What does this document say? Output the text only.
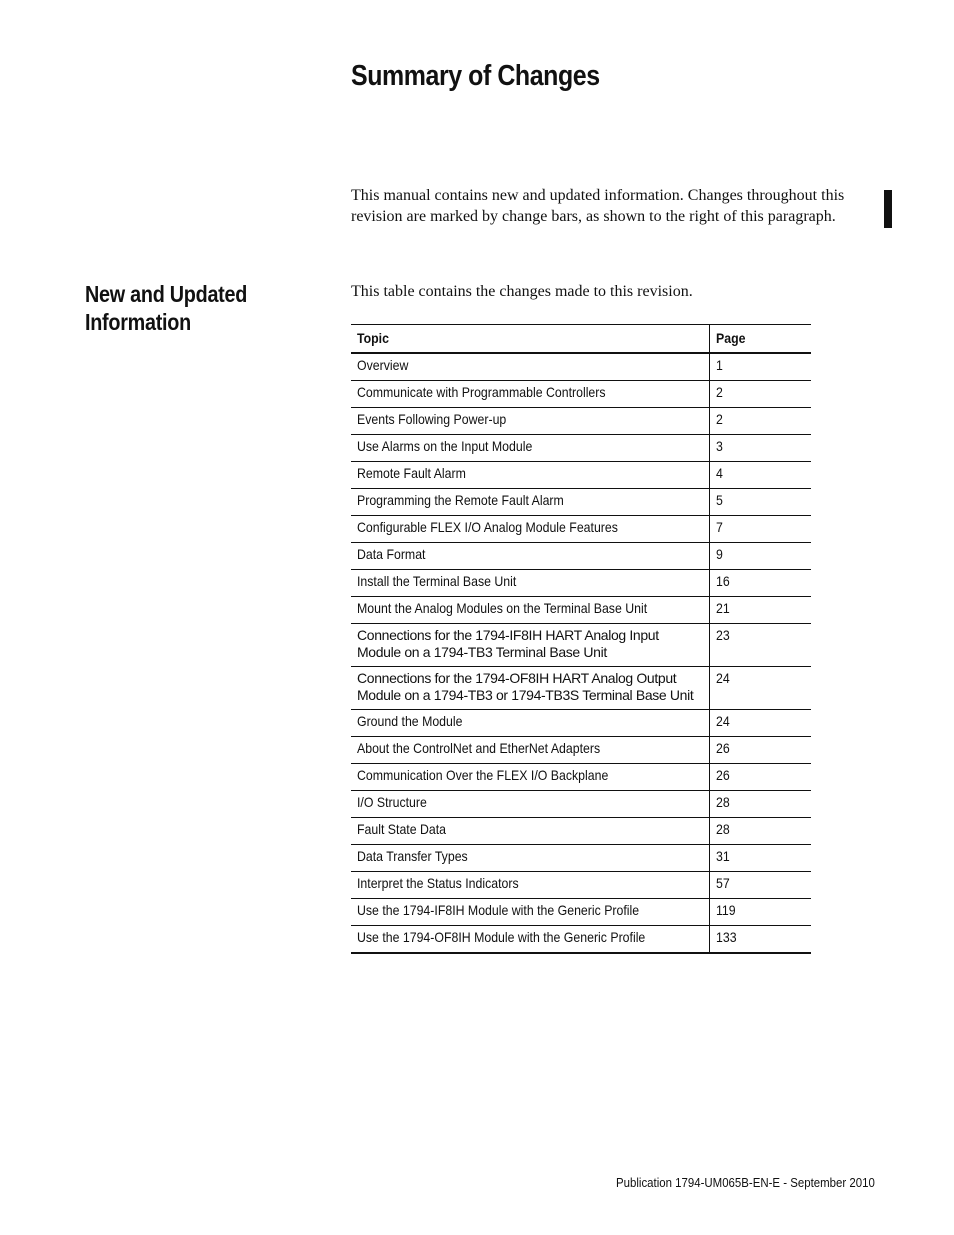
Summary of Changes

This manual contains new and updated information. Changes throughout this revision are marked by change bars, as shown to the right of this paragraph.

New and Updated Information

This table contains the changes made to this revision.

Topic	Page
Overview	1
Communicate with Programmable Controllers	2
Events Following Power-up	2
Use Alarms on the Input Module	3
Remote Fault Alarm	4
Programming the Remote Fault Alarm	5
Configurable FLEX I/O Analog Module Features	7
Data Format	9
Install the Terminal Base Unit	16
Mount the Analog Modules on the Terminal Base Unit	21

Connections for the 1794-IF8IH HART Analog Input Module on a 1794-TB3 Terminal Base Unit	23

Connections for the 1794-OF8IH HART Analog Output Module on a 1794-TB3 or 1794-TB3S Terminal Base Unit	24
Ground the Module	24
About the ControlNet and EtherNet Adapters	26
Communication Over the FLEX I/O Backplane	26
I/O Structure	28
Fault State Data	28
Data Transfer Types	31
Interpret the Status Indicators	57
Use the 1794-IF8IH Module with the Generic Profile	119
Use the 1794-OF8IH Module with the Generic Profile	133

Publication 1794-UM065B-EN-E - September 2010
